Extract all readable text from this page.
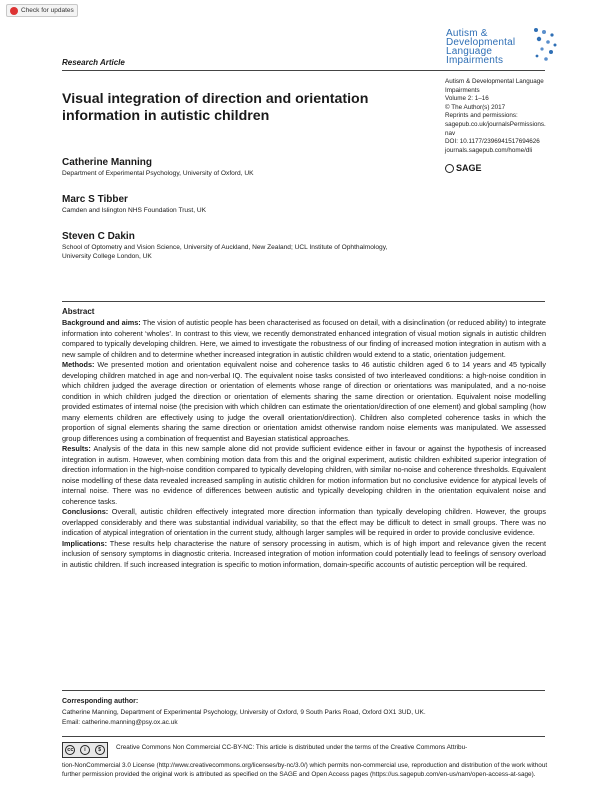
Check for updates
Autism &
Developmental
Language
Impairments
Research Article
Visual integration of direction and orientation information in autistic children
Autism & Developmental Language
Impairments
Volume 2: 1–16
© The Author(s) 2017
Reprints and permissions:
sagepub.co.uk/journalsPermissions.
nav
DOI: 10.1177/2396941517694626
journals.sagepub.com/home/dli
SAGE
Catherine Manning
Department of Experimental Psychology, University of Oxford, UK
Marc S Tibber
Camden and Islington NHS Foundation Trust, UK
Steven C Dakin
School of Optometry and Vision Science, University of Auckland, New Zealand; UCL Institute of Ophthalmology, University College London, UK
Abstract

Background and aims: The vision of autistic people has been characterised as focused on detail, with a disinclination (or reduced ability) to integrate information into coherent ‘wholes’. In contrast to this view, we recently demonstrated enhanced integration of visual motion signals in autistic children compared to typically developing children. Here, we aimed to investigate the robustness of our finding of increased motion integration in autism with a new sample of children and to determine whether increased integration in autistic children would extend to a static, orientation judgement.

Methods: We presented motion and orientation equivalent noise and coherence tasks to 46 autistic children aged 6 to 14 years and 45 typically developing children matched in age and non-verbal IQ. The equivalent noise tasks consisted of two interleaved conditions: a high-noise condition in which children judged the average direction or orientation of elements whose range of direction or orientations was manipulated, and a no-noise condition in which children judged the direction or orientation of elements sharing the same direction or orientation. Equivalent noise modelling provided estimates of internal noise (the precision with which children can estimate the orientation/direction of one element) and global sampling (how many elements children are effectively using to judge the overall orientation/direction). Children also completed coherence tasks in which the proportion of signal elements sharing the same direction or orientation amidst otherwise random noise elements was manipulated. We assessed group differences using a combination of frequentist and Bayesian statistical approaches.

Results: Analysis of the data in this new sample alone did not provide sufficient evidence either in favour or against the hypothesis of increased integration in autism. However, when combining motion data from this and the original experiment, autistic children exhibited superior integration of direction information in the high-noise condition compared to typically developing children, with similar no-noise and coherence thresholds. Equivalent noise modelling of these data revealed increased sampling in autistic children for motion information but no conclusive evidence for atypical levels of internal noise. There was no evidence of differences between autistic and typically developing children in the orientation equivalent noise and coherence tasks.

Conclusions: Overall, autistic children effectively integrated more direction information than typically developing children. However, the groups overlapped considerably and there was substantial individual variability, so that the effect may be difficult to detect in small groups. There was no indication of atypical integration of orientation in the current study, although larger samples will be required in order to provide conclusive evidence.

Implications: These results help characterise the nature of sensory processing in autism, which is of high import and relevance given the recent inclusion of sensory symptoms in diagnostic criteria. Increased integration of motion information could potentially lead to feelings of sensory overload in autistic children. If such increased integration is specific to motion information, domain-specific accounts of autistic perception will be required.

Corresponding author:
Catherine Manning, Department of Experimental Psychology, University of Oxford, 9 South Parks Road, Oxford OX1 3UD, UK.
Email: catherine.manning@psy.ox.ac.uk
cc	i	$	Creative Commons Non Commercial CC-BY-NC: This article is distributed under the terms of the Creative Commons Attribu-
tion-NonCommercial 3.0 License (http://www.creativecommons.org/licenses/by-nc/3.0/) which permits non-commercial use, reproduction and distribution of the work without further permission provided the original work is attributed as specified on the SAGE and Open Access pages (https://us.sagepub.com/en-us/nam/open-access-at-sage).
